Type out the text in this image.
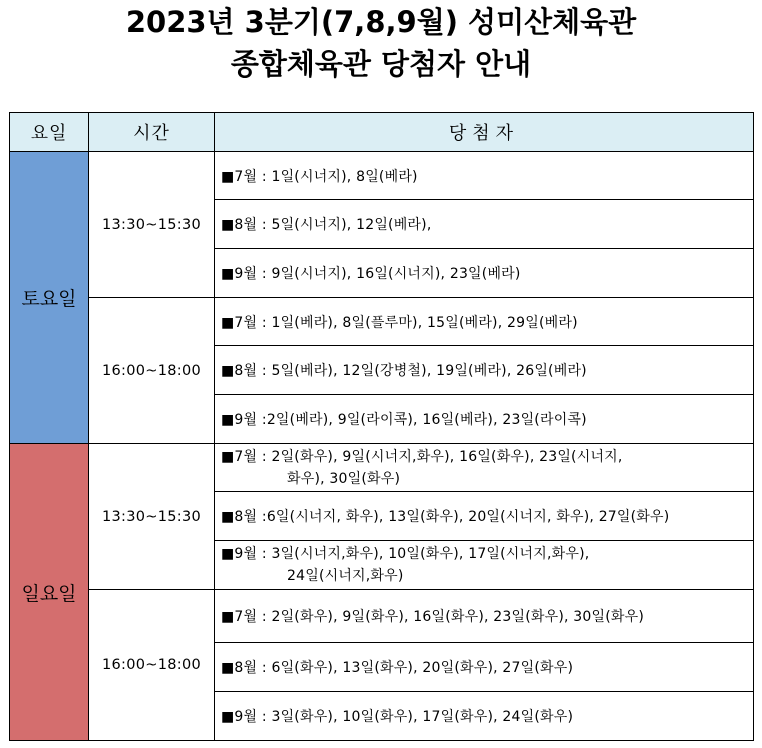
2023년 3분기(7,8,9월) 성미산체육관
종합체육관 당첨자 안내
요일	시간	당첨자
토요일	13:30~15:30	■7월 : 1일(시너지), 8일(베라)
		■8월 : 5일(시너지), 12일(베라),
		■9월 : 9일(시너지), 16일(시너지), 23일(베라)
	16:00~18:00	■7월 : 1일(베라), 8일(플루마), 15일(베라), 29일(베라)
		■8월 : 5일(베라), 12일(강병철), 19일(베라), 26일(베라)
		■9월 :2일(베라), 9일(라이콕), 16일(베라), 23일(라이콕)
일요일	13:30~15:30	■7월 : 2일(화우), 9일(시너지,화우), 16일(화우), 23일(시너지,
화우), 30일(화우)

		■8월 :6일(시너지, 화우), 13일(화우), 20일(시너지, 화우), 27일(화우)

		■9월 : 3일(시너지,화우), 10일(화우), 17일(시너지,화우),
24일(시너지,화우)

	16:00~18:00	■7월 : 2일(화우), 9일(화우), 16일(화우), 23일(화우), 30일(화우)
		■8월 : 6일(화우), 13일(화우), 20일(화우), 27일(화우)
		■9월 : 3일(화우), 10일(화우), 17일(화우), 24일(화우)
